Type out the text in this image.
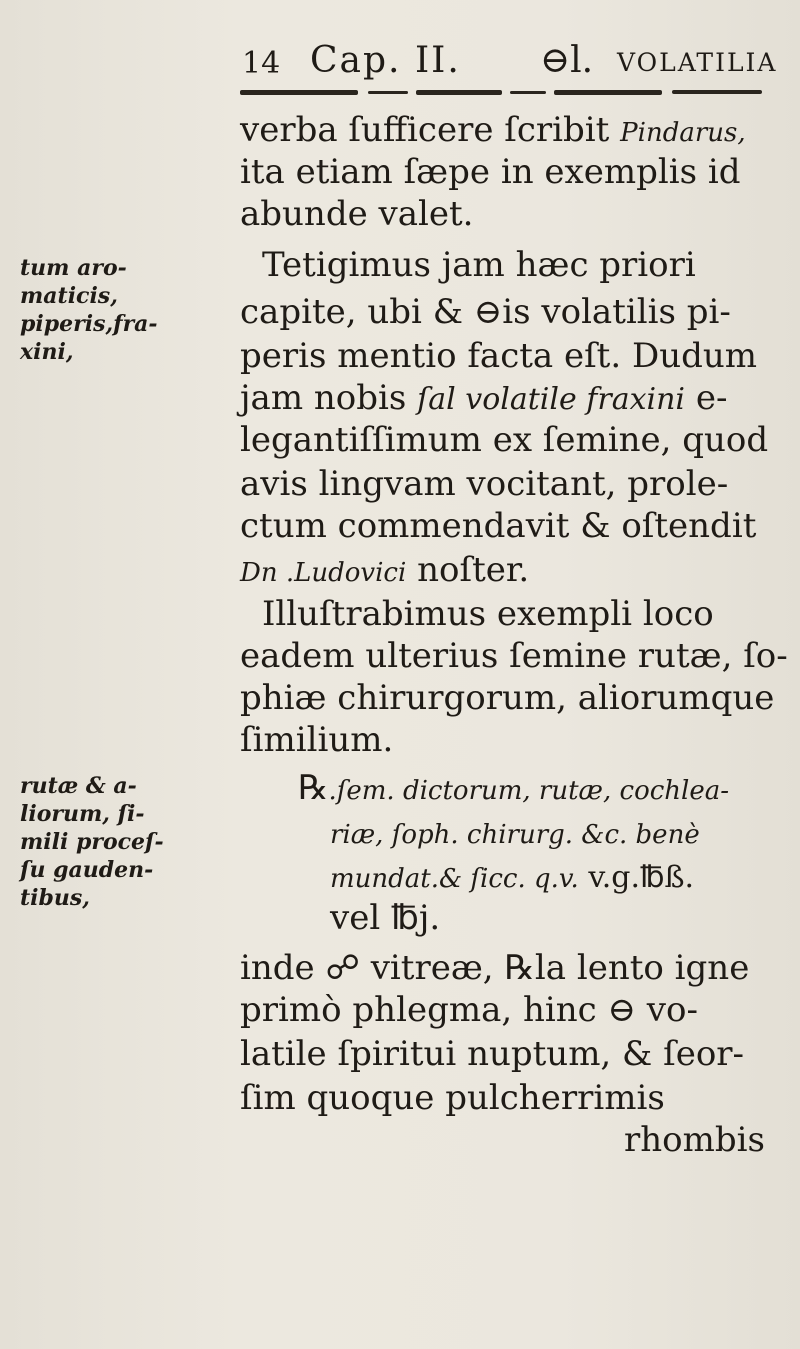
14 Cap. II. ⊖l. VOLATILIA
verba ſufficere ſcribit Pindarus,
ita etiam ſæpe in exemplis id
abunde valet.
Tetigimus jam hæc priori
capite, ubi & ⊖is volatilis pi-
peris mentio facta eſt. Dudum
jam nobis ſal volatile fraxini e-
legantiſſimum ex ſemine, quod
avis lingvam vocitant, prole-
ctum commendavit & oſtendit
Dn .Ludovici noſter.
Illuſtrabimus exempli loco
eadem ulterius ſemine rutæ, ſo-
phiæ chirurgorum, aliorumque
ſimilium.
℞.ſem. dictorum, rutæ, cochlea-
riæ, ſoph. chirurg. &c. benè
mundat.& ſicc. q.v. v.g.℔ß.
vel ℔j.
inde ☍ vitreæ, ℞la lento igne
primò phlegma, hinc ⊖ vo-
latile ſpiritui nuptum, & ſeor-
ſim quoque pulcherrimis
rhombis
tum aro-
maticis,
piperis,fra-
xini,
rutæ & a-
liorum, ſi-
mili proceſ-
ſu gauden-
tibus,
